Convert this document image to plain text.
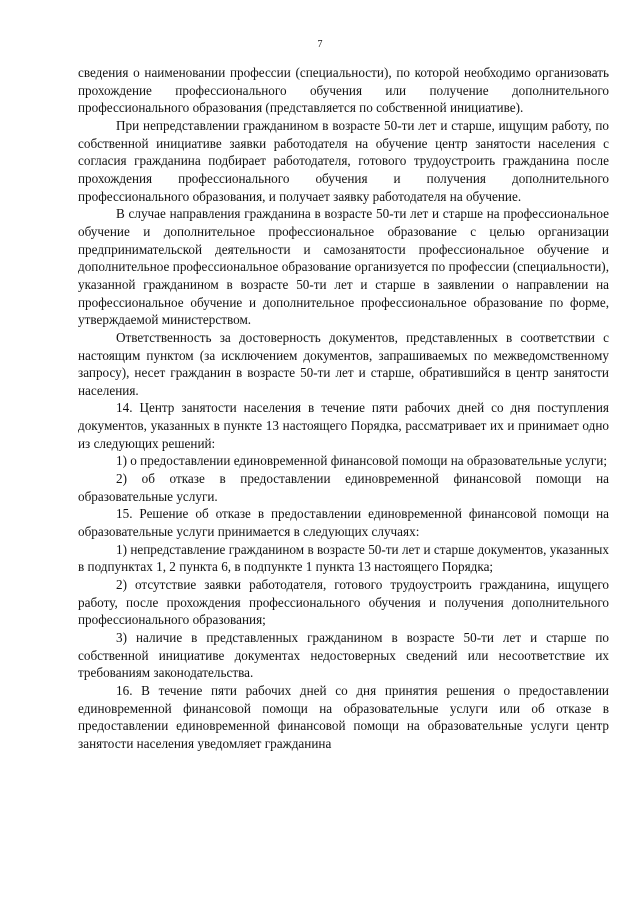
7

сведения о наименовании профессии (специальности), по которой необходимо организовать прохождение профессионального обучения или получение дополнительного профессионального образования (представляется по собственной инициативе).

При непредставлении гражданином в возрасте 50-ти лет и старше, ищущим работу, по собственной инициативе заявки работодателя на обучение центр занятости населения с согласия гражданина подбирает работодателя, готового трудоустроить гражданина после прохождения профессионального обучения и получения дополнительного профессионального образования, и получает заявку работодателя на обучение.

В случае направления гражданина в возрасте 50-ти лет и старше на профессиональное обучение и дополнительное профессиональное образование с целью организации предпринимательской деятельности и самозанятости профессиональное обучение и дополнительное профессиональное образование организуется по профессии (специальности), указанной гражданином в возрасте 50-ти лет и старше в заявлении о направлении на профессиональное обучение и дополнительное профессиональное образование по форме, утверждаемой министерством.

Ответственность за достоверность документов, представленных в соответствии с настоящим пунктом (за исключением документов, запрашиваемых по межведомственному запросу), несет гражданин в возрасте 50-ти лет и старше, обратившийся в центр занятости населения.

14. Центр занятости населения в течение пяти рабочих дней со дня поступления документов, указанных в пункте 13 настоящего Порядка, рассматривает их и принимает одно из следующих решений:

1) о предоставлении единовременной финансовой помощи на образовательные услуги;

2) об отказе в предоставлении единовременной финансовой помощи на образовательные услуги.

15. Решение об отказе в предоставлении единовременной финансовой помощи на образовательные услуги принимается в следующих случаях:

1) непредставление гражданином в возрасте 50-ти лет и старше документов, указанных в подпунктах 1, 2 пункта 6, в подпункте 1 пункта 13 настоящего Порядка;

2) отсутствие заявки работодателя, готового трудоустроить гражданина, ищущего работу, после прохождения профессионального обучения и получения дополнительного профессионального образования;

3) наличие в представленных гражданином в возрасте 50-ти лет и старше по собственной инициативе документах недостоверных сведений или несоответствие их требованиям законодательства.

16. В течение пяти рабочих дней со дня принятия решения о предоставлении единовременной финансовой помощи на образовательные услуги или об отказе в предоставлении единовременной финансовой помощи на образовательные услуги центр занятости населения уведомляет гражданина
